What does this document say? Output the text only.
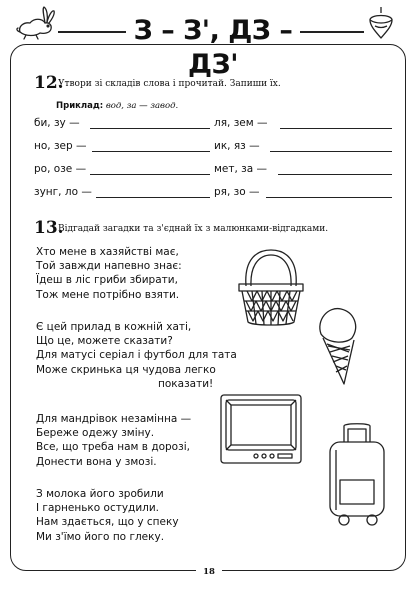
З – З', ДЗ – ДЗ'
12.
Утвори зі складів слова і прочитай. Запиши їх.
Приклад: вод, за — завод.
би, зу —	ля, зем —
но, зер —	ик, яз —
ро, озе —	мет, за —
зунг, ло —	ря, зо —
13.
Відгадай загадки та з'єднай їх з малюнками-відгадками.
Хто мене в хазяйстві має,
Той завжди напевно знає:
Їдеш в ліс гриби збирати,
Тож мене потрібно взяти.
Є цей прилад в кожній хаті,
Що це, можете сказати?
Для матусі серіал і футбол для тата
Може скринька ця чудова легко
показати!
Для мандрівок незамінна —
Береже одежу зміну.
Все, що треба нам в дорозі,
Донести вона у змозі.
З молока його зробили
І гарненько остудили.
Нам здається, що у спеку
Ми з'їмо його по глеку.
18
